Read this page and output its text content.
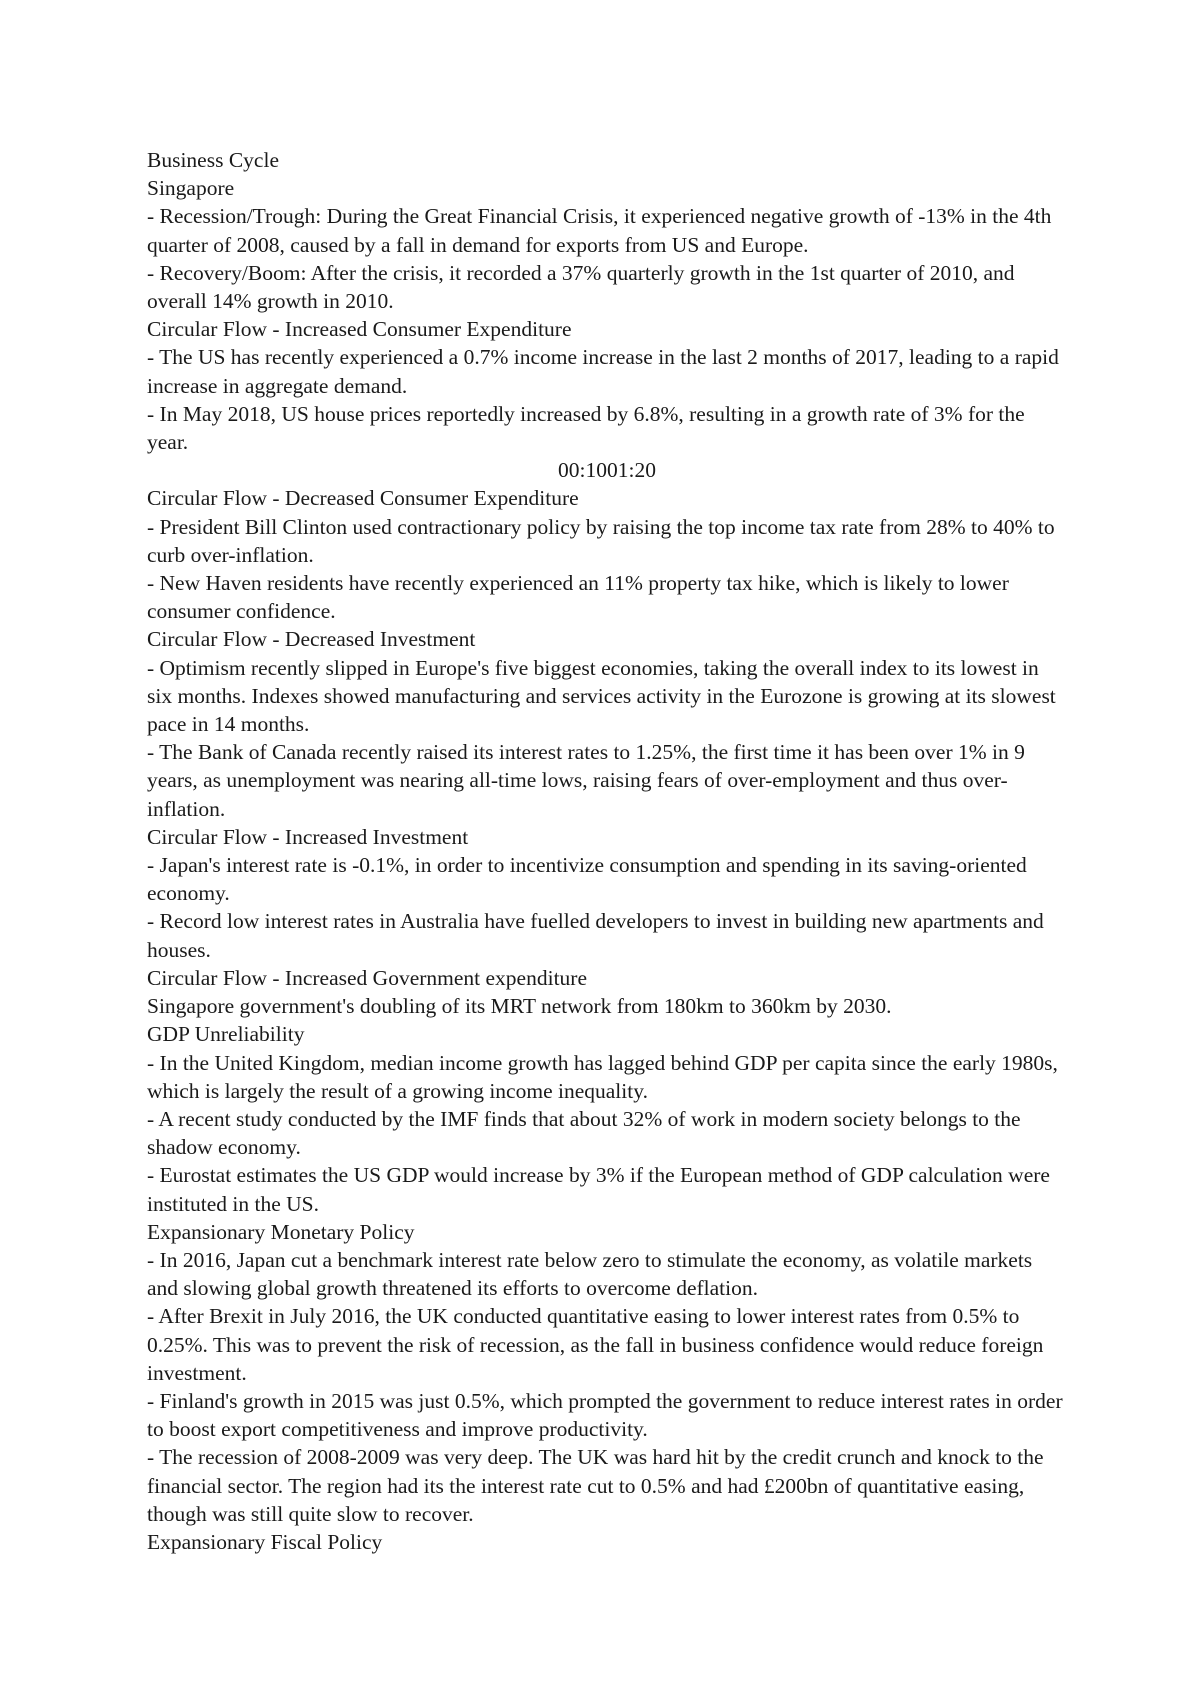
Business Cycle

Singapore

- Recession/Trough: During the Great Financial Crisis, it experienced negative growth of -13% in the 4th quarter of 2008, caused by a fall in demand for exports from US and Europe.

- Recovery/Boom: After the crisis, it recorded a 37% quarterly growth in the 1st quarter of 2010, and overall 14% growth in 2010.

Circular Flow - Increased Consumer Expenditure

- The US has recently experienced a 0.7% income increase in the last 2 months of 2017, leading to a rapid increase in aggregate demand.

- In May 2018, US house prices reportedly increased by 6.8%, resulting in a growth rate of 3% for the year.

00:1001:20

Circular Flow - Decreased Consumer Expenditure

- President Bill Clinton used contractionary policy by raising the top income tax rate from 28% to 40% to curb over-inflation.

- New Haven residents have recently experienced an 11% property tax hike, which is likely to lower consumer confidence.

Circular Flow - Decreased Investment

- Optimism recently slipped in Europe's five biggest economies, taking the overall index to its lowest in six months. Indexes showed manufacturing and services activity in the Eurozone is growing at its slowest pace in 14 months.

- The Bank of Canada recently raised its interest rates to 1.25%, the first time it has been over 1% in 9 years, as unemployment was nearing all-time lows, raising fears of over-employment and thus over-inflation.

Circular Flow - Increased Investment

- Japan's interest rate is -0.1%, in order to incentivize consumption and spending in its saving-oriented economy.

- Record low interest rates in Australia have fuelled developers to invest in building new apartments and houses.

Circular Flow - Increased Government expenditure

Singapore government's doubling of its MRT network from 180km to 360km by 2030.

GDP Unreliability

- In the United Kingdom, median income growth has lagged behind GDP per capita since the early 1980s, which is largely the result of a growing income inequality.

- A recent study conducted by the IMF finds that about 32% of work in modern society belongs to the shadow economy.

- Eurostat estimates the US GDP would increase by 3% if the European method of GDP calculation were instituted in the US.

Expansionary Monetary Policy

- In 2016, Japan cut a benchmark interest rate below zero to stimulate the economy, as volatile markets and slowing global growth threatened its efforts to overcome deflation.

- After Brexit in July 2016, the UK conducted quantitative easing to lower interest rates from 0.5% to 0.25%. This was to prevent the risk of recession, as the fall in business confidence would reduce foreign investment.

- Finland's growth in 2015 was just 0.5%, which prompted the government to reduce interest rates in order to boost export competitiveness and improve productivity.

- The recession of 2008-2009 was very deep. The UK was hard hit by the credit crunch and knock to the financial sector. The region had its the interest rate cut to 0.5% and had £200bn of quantitative easing, though was still quite slow to recover.

Expansionary Fiscal Policy
